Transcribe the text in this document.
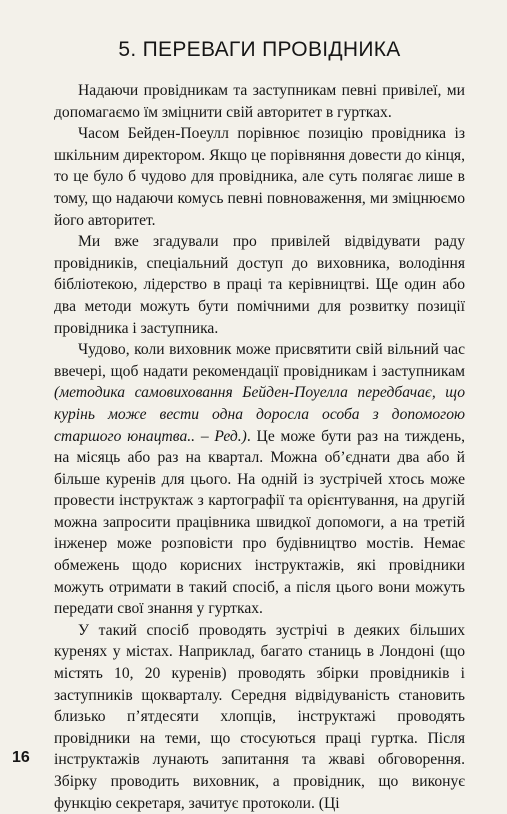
5. ПЕРЕВАГИ ПРОВІДНИКА

Надаючи провідникам та заступникам певні привілеї, ми допомагаємо їм зміцнити свій авторитет в гуртках.

Часом Бейден-Поеулл порівнює позицію провідника із шкільним директором. Якщо це порівняння довести до кінця, то це було б чудово для провідника, але суть полягає лише в тому, що надаючи комусь певні повноваження, ми зміцнюємо його авторитет.

Ми вже згадували про привілей відвідувати раду провідників, спеціальний доступ до виховника, володіння бібліотекою, лідерство в праці та керівництві. Ще один або два методи можуть бути помічними для розвитку позиції провідника і заступника.

Чудово, коли виховник може присвятити свій вільний час ввечері, щоб надати рекомендації провідникам і заступникам (методика самовиховання Бейден-Поуелла передбачає, що курінь може вести одна доросла особа з допомогою старшого юнацтва.. – Ред.). Це може бути раз на тиждень, на місяць або раз на квартал. Можна об’єднати два або й більше куренів для цього. На одній із зустрічей хтось може провести інструктаж з картографії та орієнтування, на другій можна запросити працівника швидкої допомоги, а на третій інженер може розповісти про будівництво мостів. Немає обмежень щодо корисних інструктажів, які провідники можуть отримати в такий спосіб, а після цього вони можуть передати свої знання у гуртках.

У такий спосіб проводять зустрічі в деяких більших куренях у містах. Наприклад, багато станиць в Лондоні (що містять 10, 20 куренів) проводять збірки провідників і заступників щокварталу. Середня відвідуваність становить близько п’ятдесяти хлопців, інструктажі проводять провідники на теми, що стосуються праці гуртка. Після інструктажів лунають запитання та жваві обговорення. Збірку проводить виховник, а провідник, що виконує функцію секретаря, зачитує протоколи. (Ці

16
